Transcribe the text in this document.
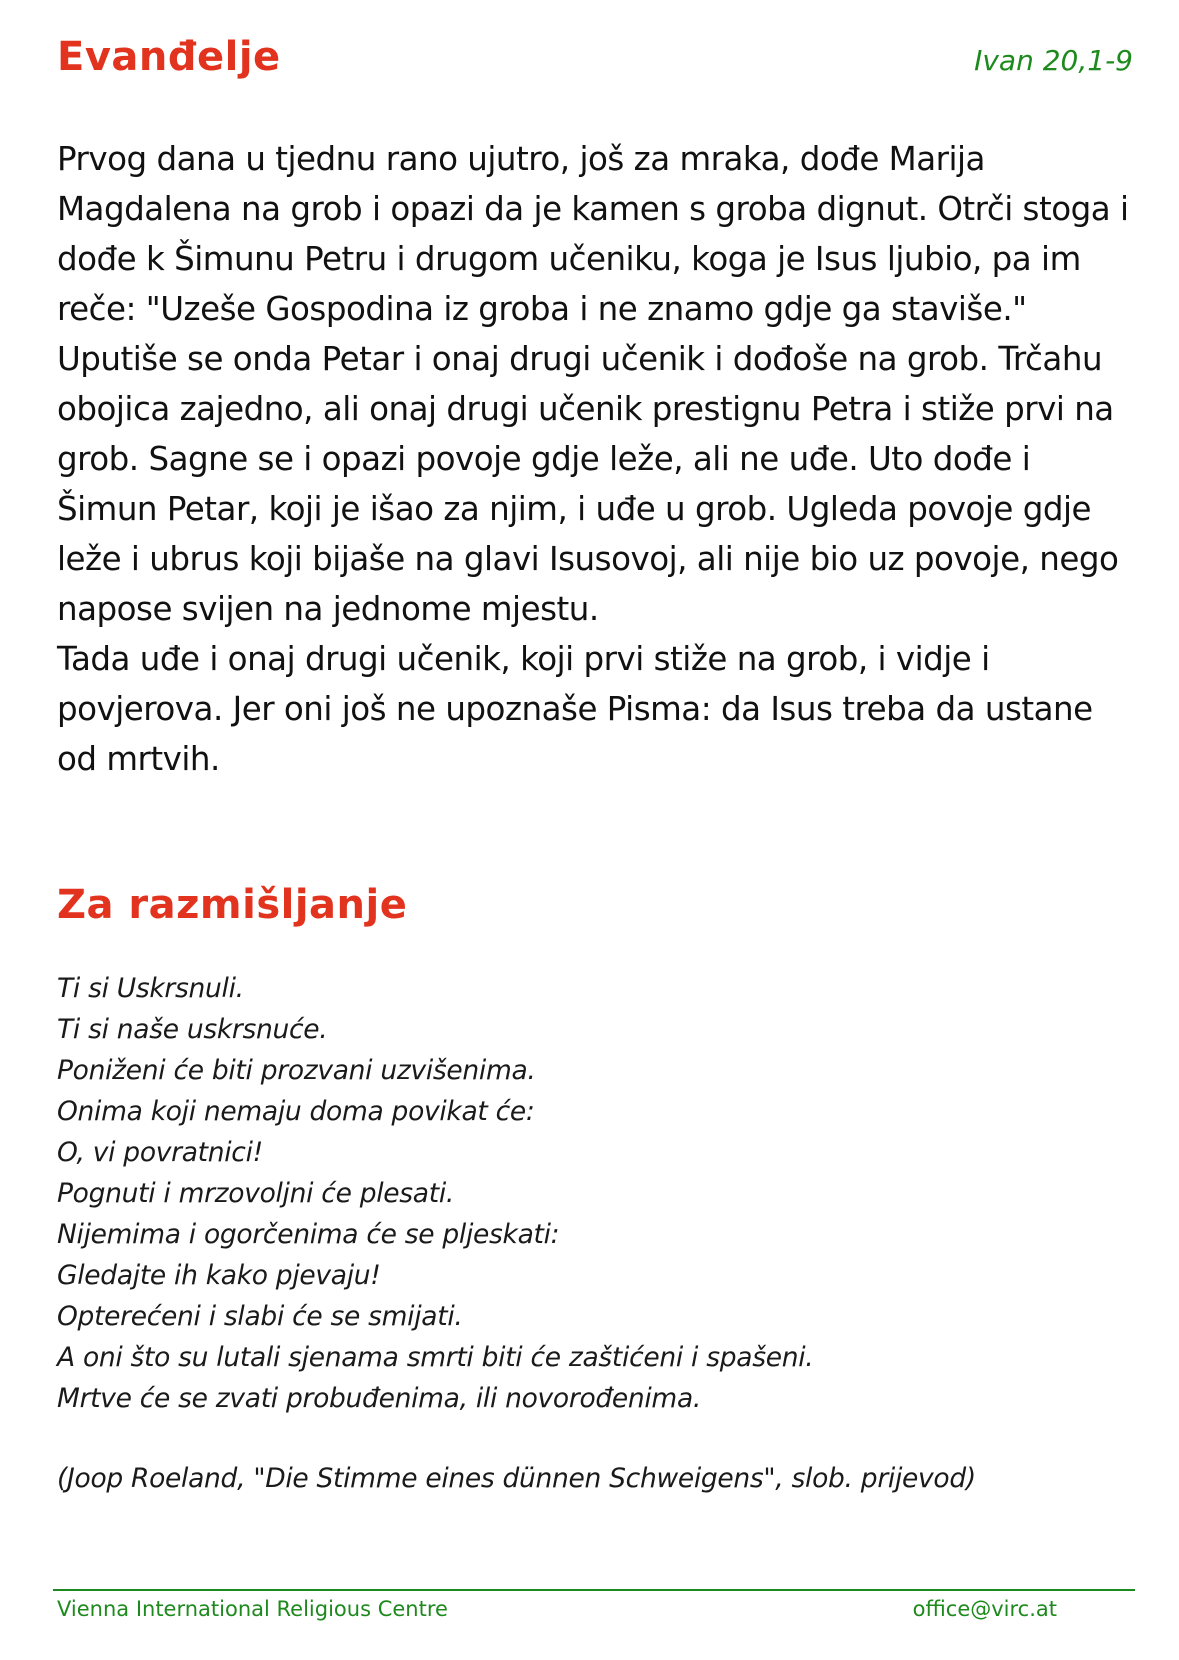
Evanđelje	Ivan 20,1-9

Prvog dana u tjednu rano ujutro, još za mraka, dođe Marija Magdalena na grob i opazi da je kamen s groba dignut. Otrči stoga i dođe k Šimunu Petru i drugom učeniku, koga je Isus ljubio, pa im reče: "Uzeše Gospodina iz groba i ne znamo gdje ga staviše." Uputiše se onda Petar i onaj drugi učenik i dođoše na grob. Trčahu obojica zajedno, ali onaj drugi učenik prestignu Petra i stiže prvi na grob. Sagne se i opazi povoje gdje leže, ali ne uđe. Uto dođe i Šimun Petar, koji je išao za njim, i uđe u grob. Ugleda povoje gdje leže i ubrus koji bijaše na glavi Isusovoj, ali nije bio uz povoje, nego napose svijen na jednome mjestu.

Tada uđe i onaj drugi učenik, koji prvi stiže na grob, i vidje i povjerova. Jer oni još ne upoznaše Pisma: da Isus treba da ustane od mrtvih.

Za razmišljanje
Ti si Uskrsnuli.
Ti si naše uskrsnuće.
Poniženi će biti prozvani uzvišenima.
Onima koji nemaju doma povikat će:
O, vi povratnici!
Pognuti i mrzovoljni će plesati.
Nijemima i ogorčenima će se pljeskati:
Gledajte ih kako pjevaju!
Opterećeni i slabi će se smijati.
A oni što su lutali sjenama smrti biti će zaštićeni i spašeni.
Mrtve će se zvati probuđenima, ili novorođenima.
(Joop Roeland, "Die Stimme eines dünnen Schweigens", slob. prijevod)
Vienna International Religious Centre	office@virc.at
